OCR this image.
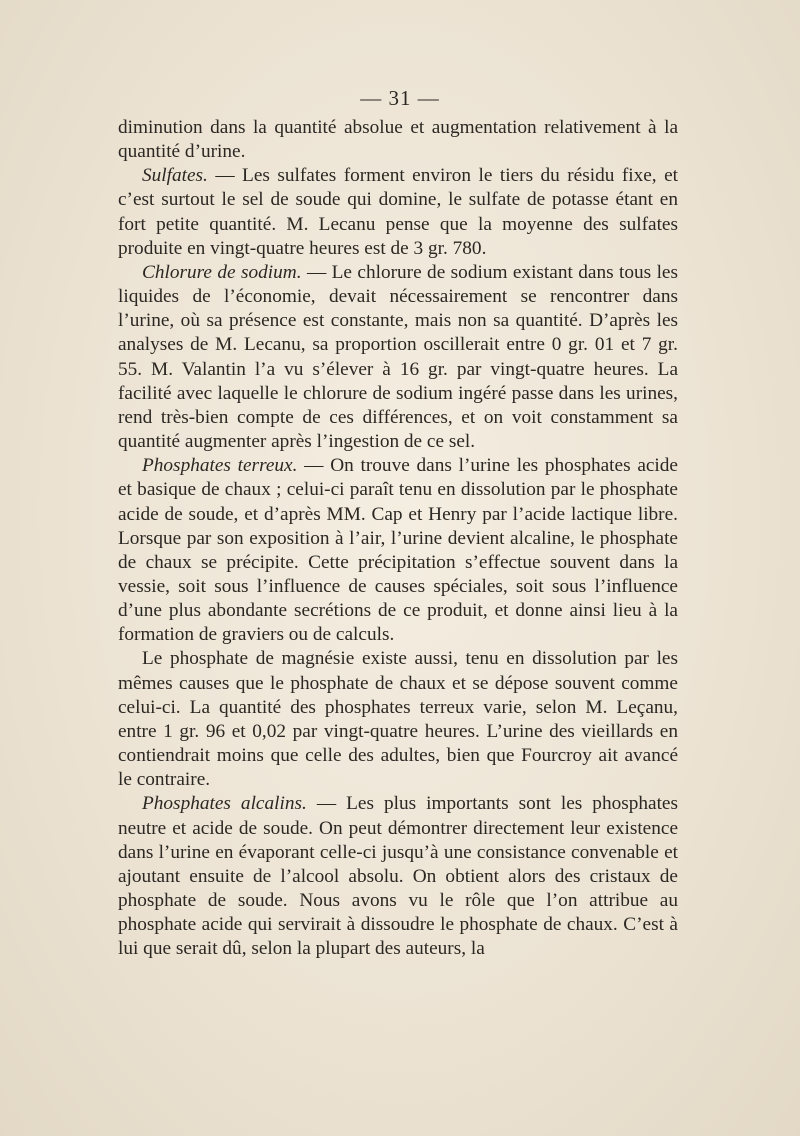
— 31 —

diminution dans la quantité absolue et augmentation relativement à la quantité d’urine.

Sulfates. — Les sulfates forment environ le tiers du résidu fixe, et c’est surtout le sel de soude qui domine, le sulfate de potasse étant en fort petite quantité. M. Lecanu pense que la moyenne des sulfates produite en vingt-quatre heures est de 3 gr. 780.

Chlorure de sodium. — Le chlorure de sodium existant dans tous les liquides de l’économie, devait nécessairement se rencontrer dans l’urine, où sa présence est constante, mais non sa quantité. D’après les analyses de M. Lecanu, sa proportion oscillerait entre 0 gr. 01 et 7 gr. 55. M. Valantin l’a vu s’élever à 16 gr. par vingt-quatre heures. La facilité avec laquelle le chlorure de sodium ingéré passe dans les urines, rend très-bien compte de ces différences, et on voit constamment sa quantité augmenter après l’ingestion de ce sel.

Phosphates terreux. — On trouve dans l’urine les phosphates acide et basique de chaux ; celui-ci paraît tenu en dissolution par le phosphate acide de soude, et d’après MM. Cap et Henry par l’acide lactique libre. Lorsque par son exposition à l’air, l’urine devient alcaline, le phosphate de chaux se précipite. Cette précipitation s’effectue souvent dans la vessie, soit sous l’influence de causes spéciales, soit sous l’influence d’une plus abondante secrétions de ce produit, et donne ainsi lieu à la formation de graviers ou de calculs.

Le phosphate de magnésie existe aussi, tenu en dissolution par les mêmes causes que le phosphate de chaux et se dépose souvent comme celui-ci. La quantité des phosphates terreux varie, selon M. Leçanu, entre 1 gr. 96 et 0,02 par vingt-quatre heures. L’urine des vieillards en contiendrait moins que celle des adultes, bien que Fourcroy ait avancé le contraire.

Phosphates alcalins. — Les plus importants sont les phosphates neutre et acide de soude. On peut démontrer directement leur existence dans l’urine en évaporant celle-ci jusqu’à une consistance convenable et ajoutant ensuite de l’alcool absolu. On obtient alors des cristaux de phosphate de soude. Nous avons vu le rôle que l’on attribue au phosphate acide qui servirait à dissoudre le phosphate de chaux. C’est à lui que serait dû, selon la plupart des auteurs, la
